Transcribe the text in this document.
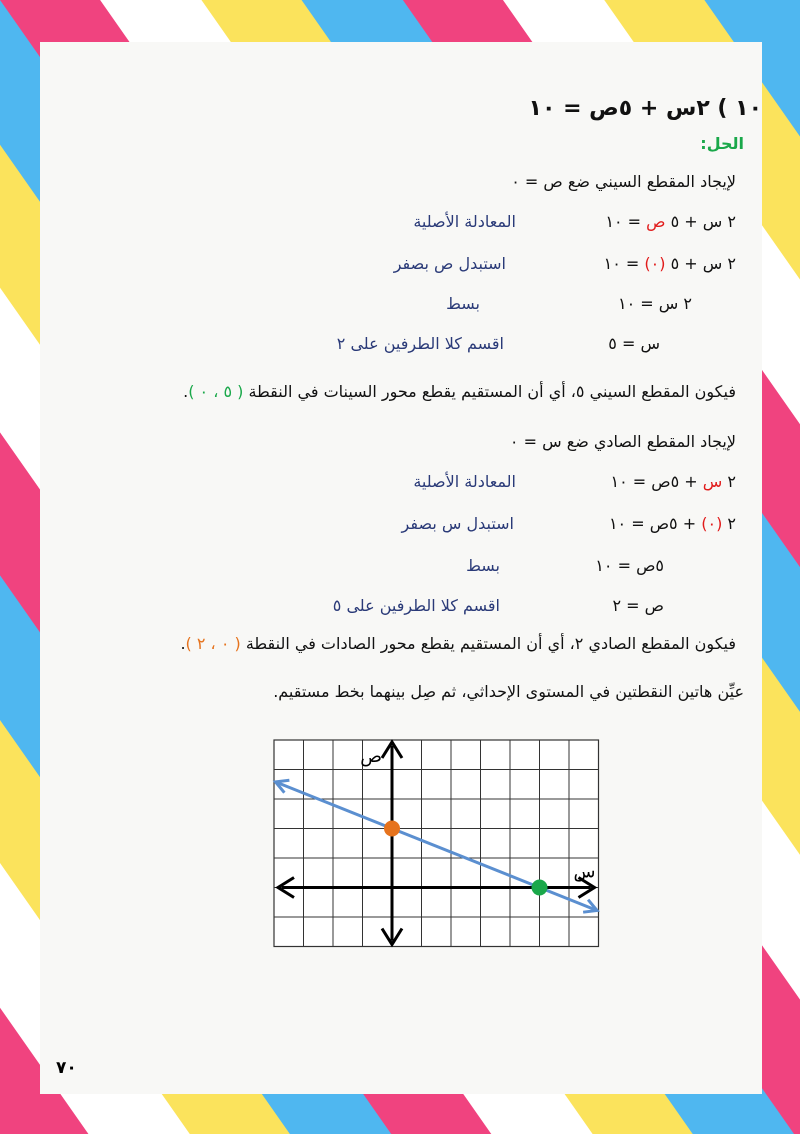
١٠ ) ٢س + ٥ص = ١٠
الحل:
لإيجاد المقطع السيني ضع ص = ٠
٢ س + ٥ ص = ١٠
المعادلة الأصلية
٢ س + ٥ (٠) = ١٠
استبدل ص بصفر
٢ س = ١٠
بسط
س = ٥
اقسم كلا الطرفين على ٢
فيكون المقطع السيني ٥، أي أن المستقيم يقطع محور السينات في النقطة ( ٥ ، ٠ ).
لإيجاد المقطع الصادي ضع س = ٠
٢ س + ٥ص = ١٠
المعادلة الأصلية
٢ (٠) + ٥ص = ١٠
استبدل س بصفر
٥ص = ١٠
بسط
ص = ٢
اقسم كلا الطرفين على ٥
فيكون المقطع الصادي ٢، أي أن المستقيم يقطع محور الصادات في النقطة ( ٠ ، ٢ ).
عيِّن هاتين النقطتين في المستوى الإحداثي، ثم صِل بينهما بخط مستقيم.
ص
س
٧٠
